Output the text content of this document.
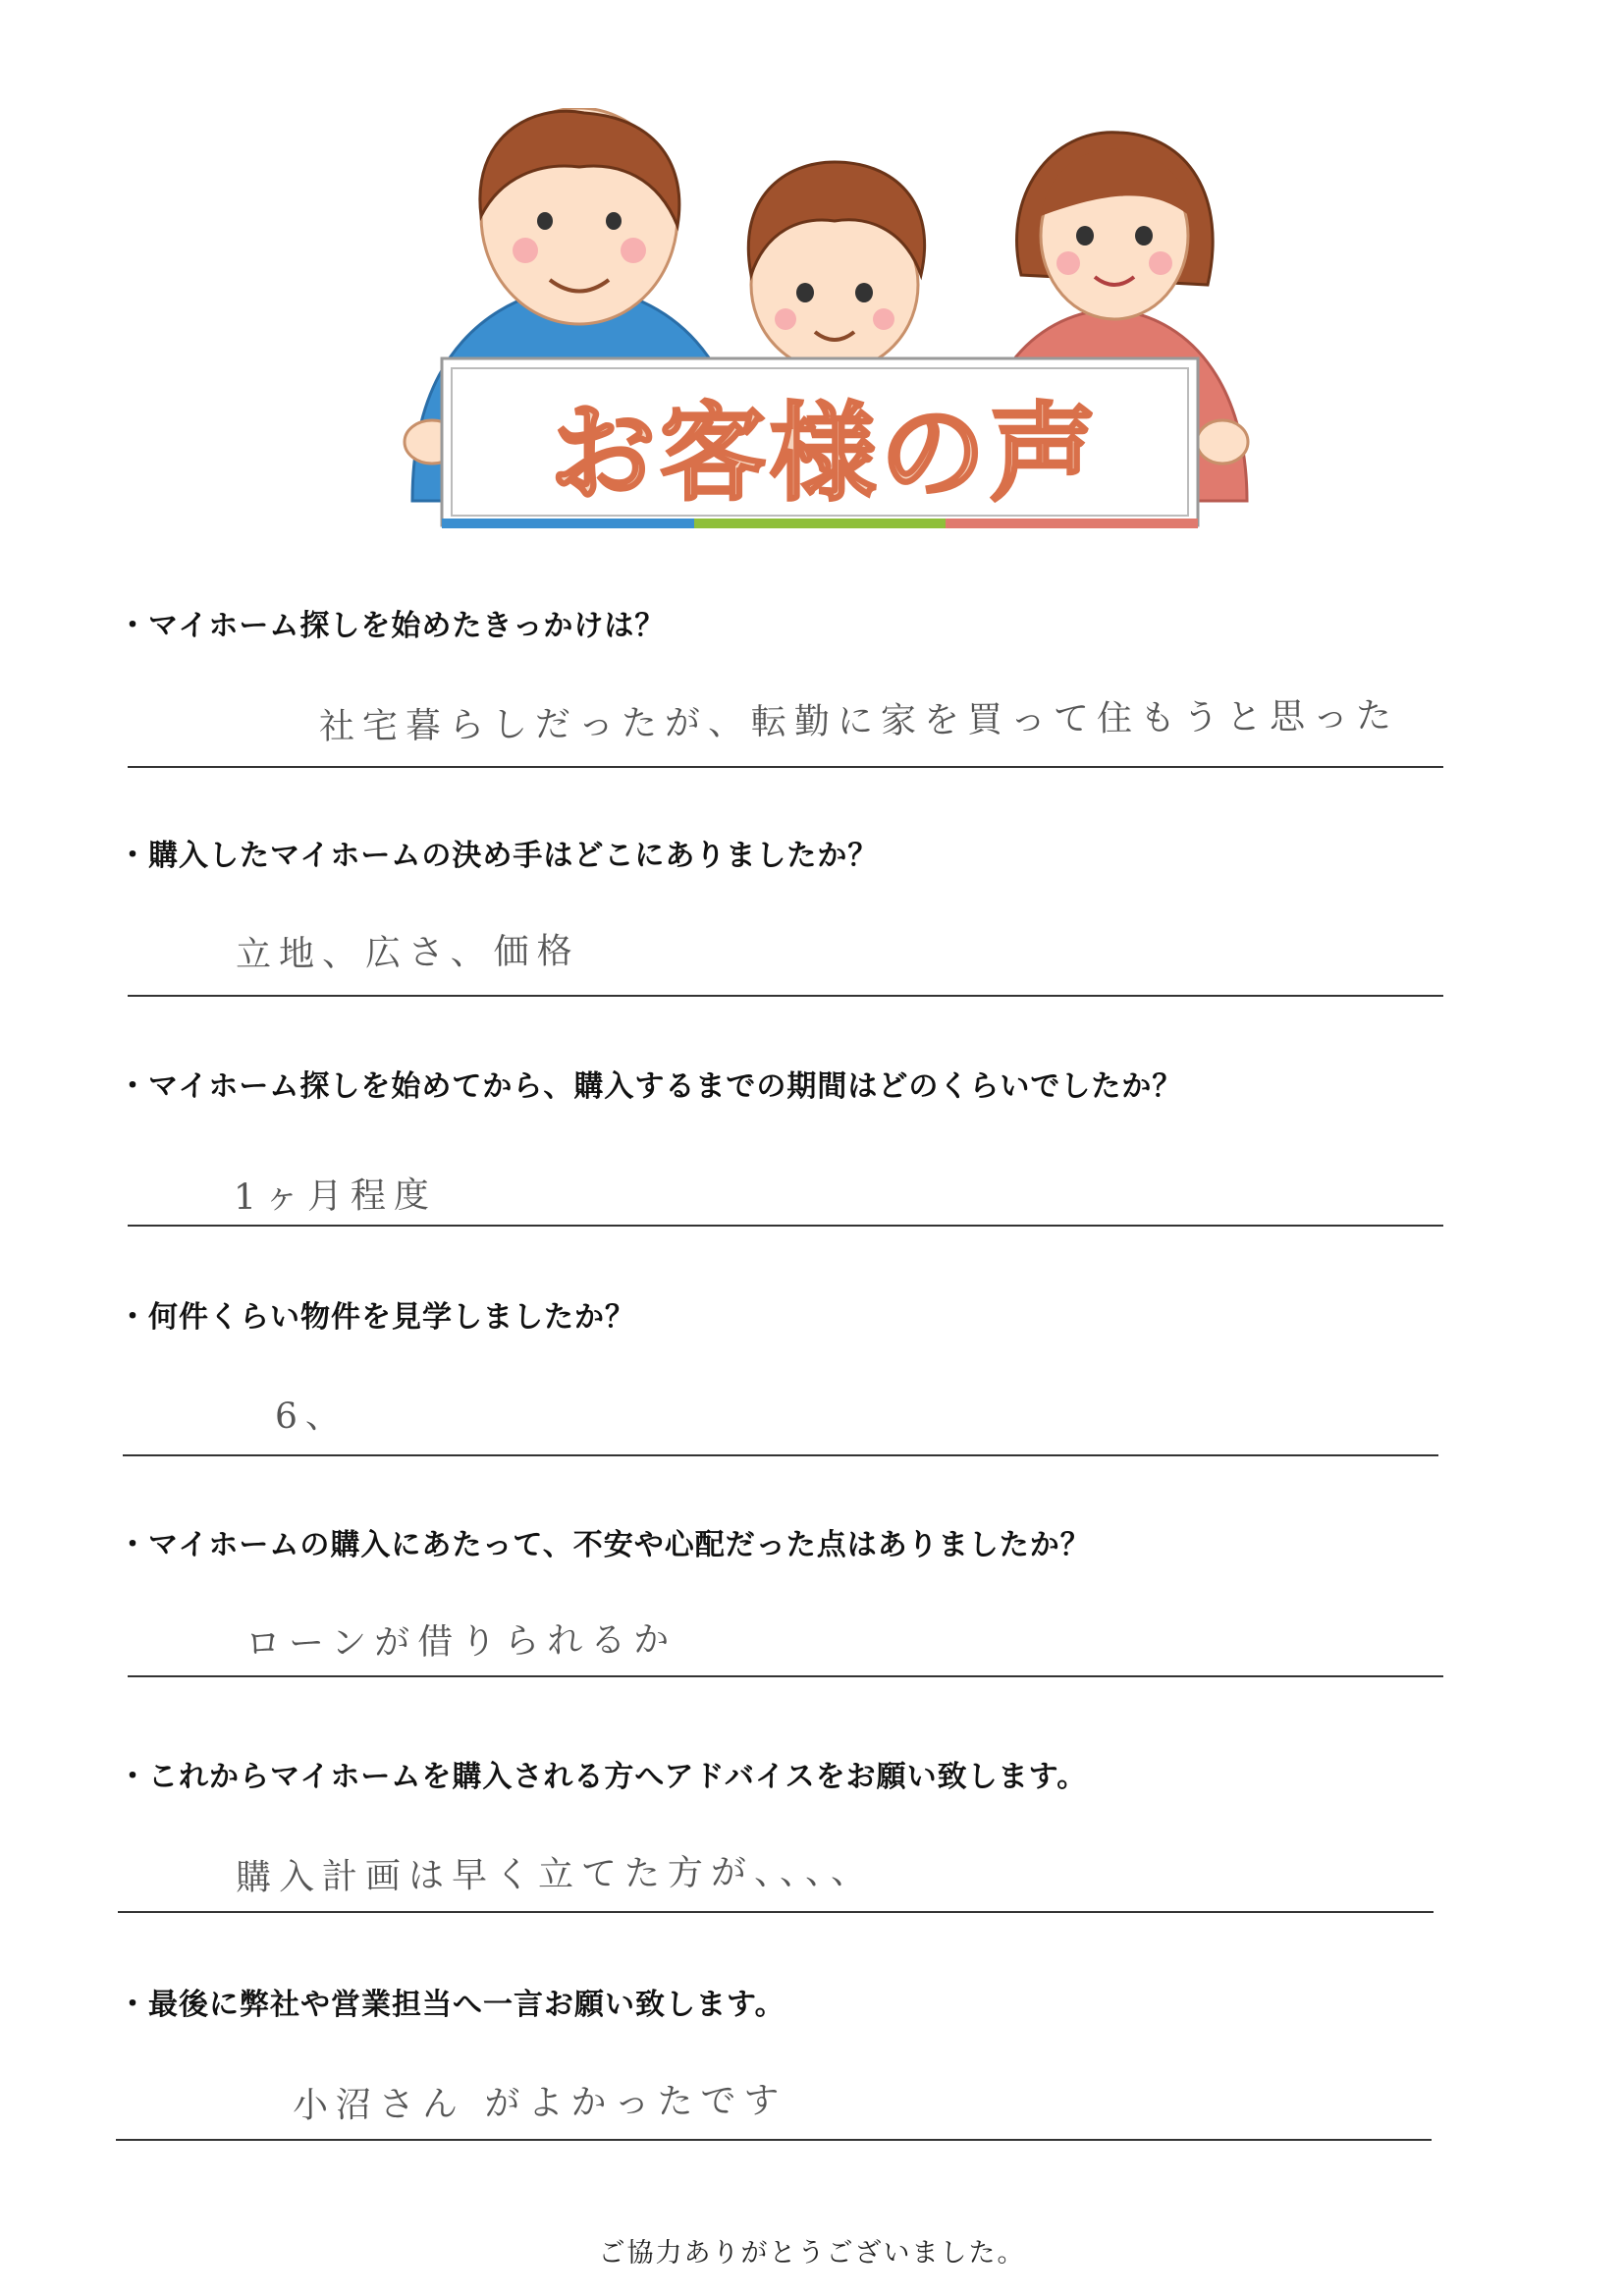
お客様の声
・マイホーム探しを始めたきっかけは？
社宅暮らしだったが、転勤に家を買って住もうと思った
・購入したマイホームの決め手はどこにありましたか？
立地、広さ、価格
・マイホーム探しを始めてから、購入するまでの期間はどのくらいでしたか？
1ヶ月程度
・何件くらい物件を見学しましたか？
6、
・マイホームの購入にあたって、不安や心配だった点はありましたか？
ローンが借りられるか
・これからマイホームを購入される方へアドバイスをお願い致します。
購入計画は早く立てた方が、、、、
・最後に弊社や営業担当へ一言お願い致します。
小沼さん がよかったです
ご協力ありがとうございました。
